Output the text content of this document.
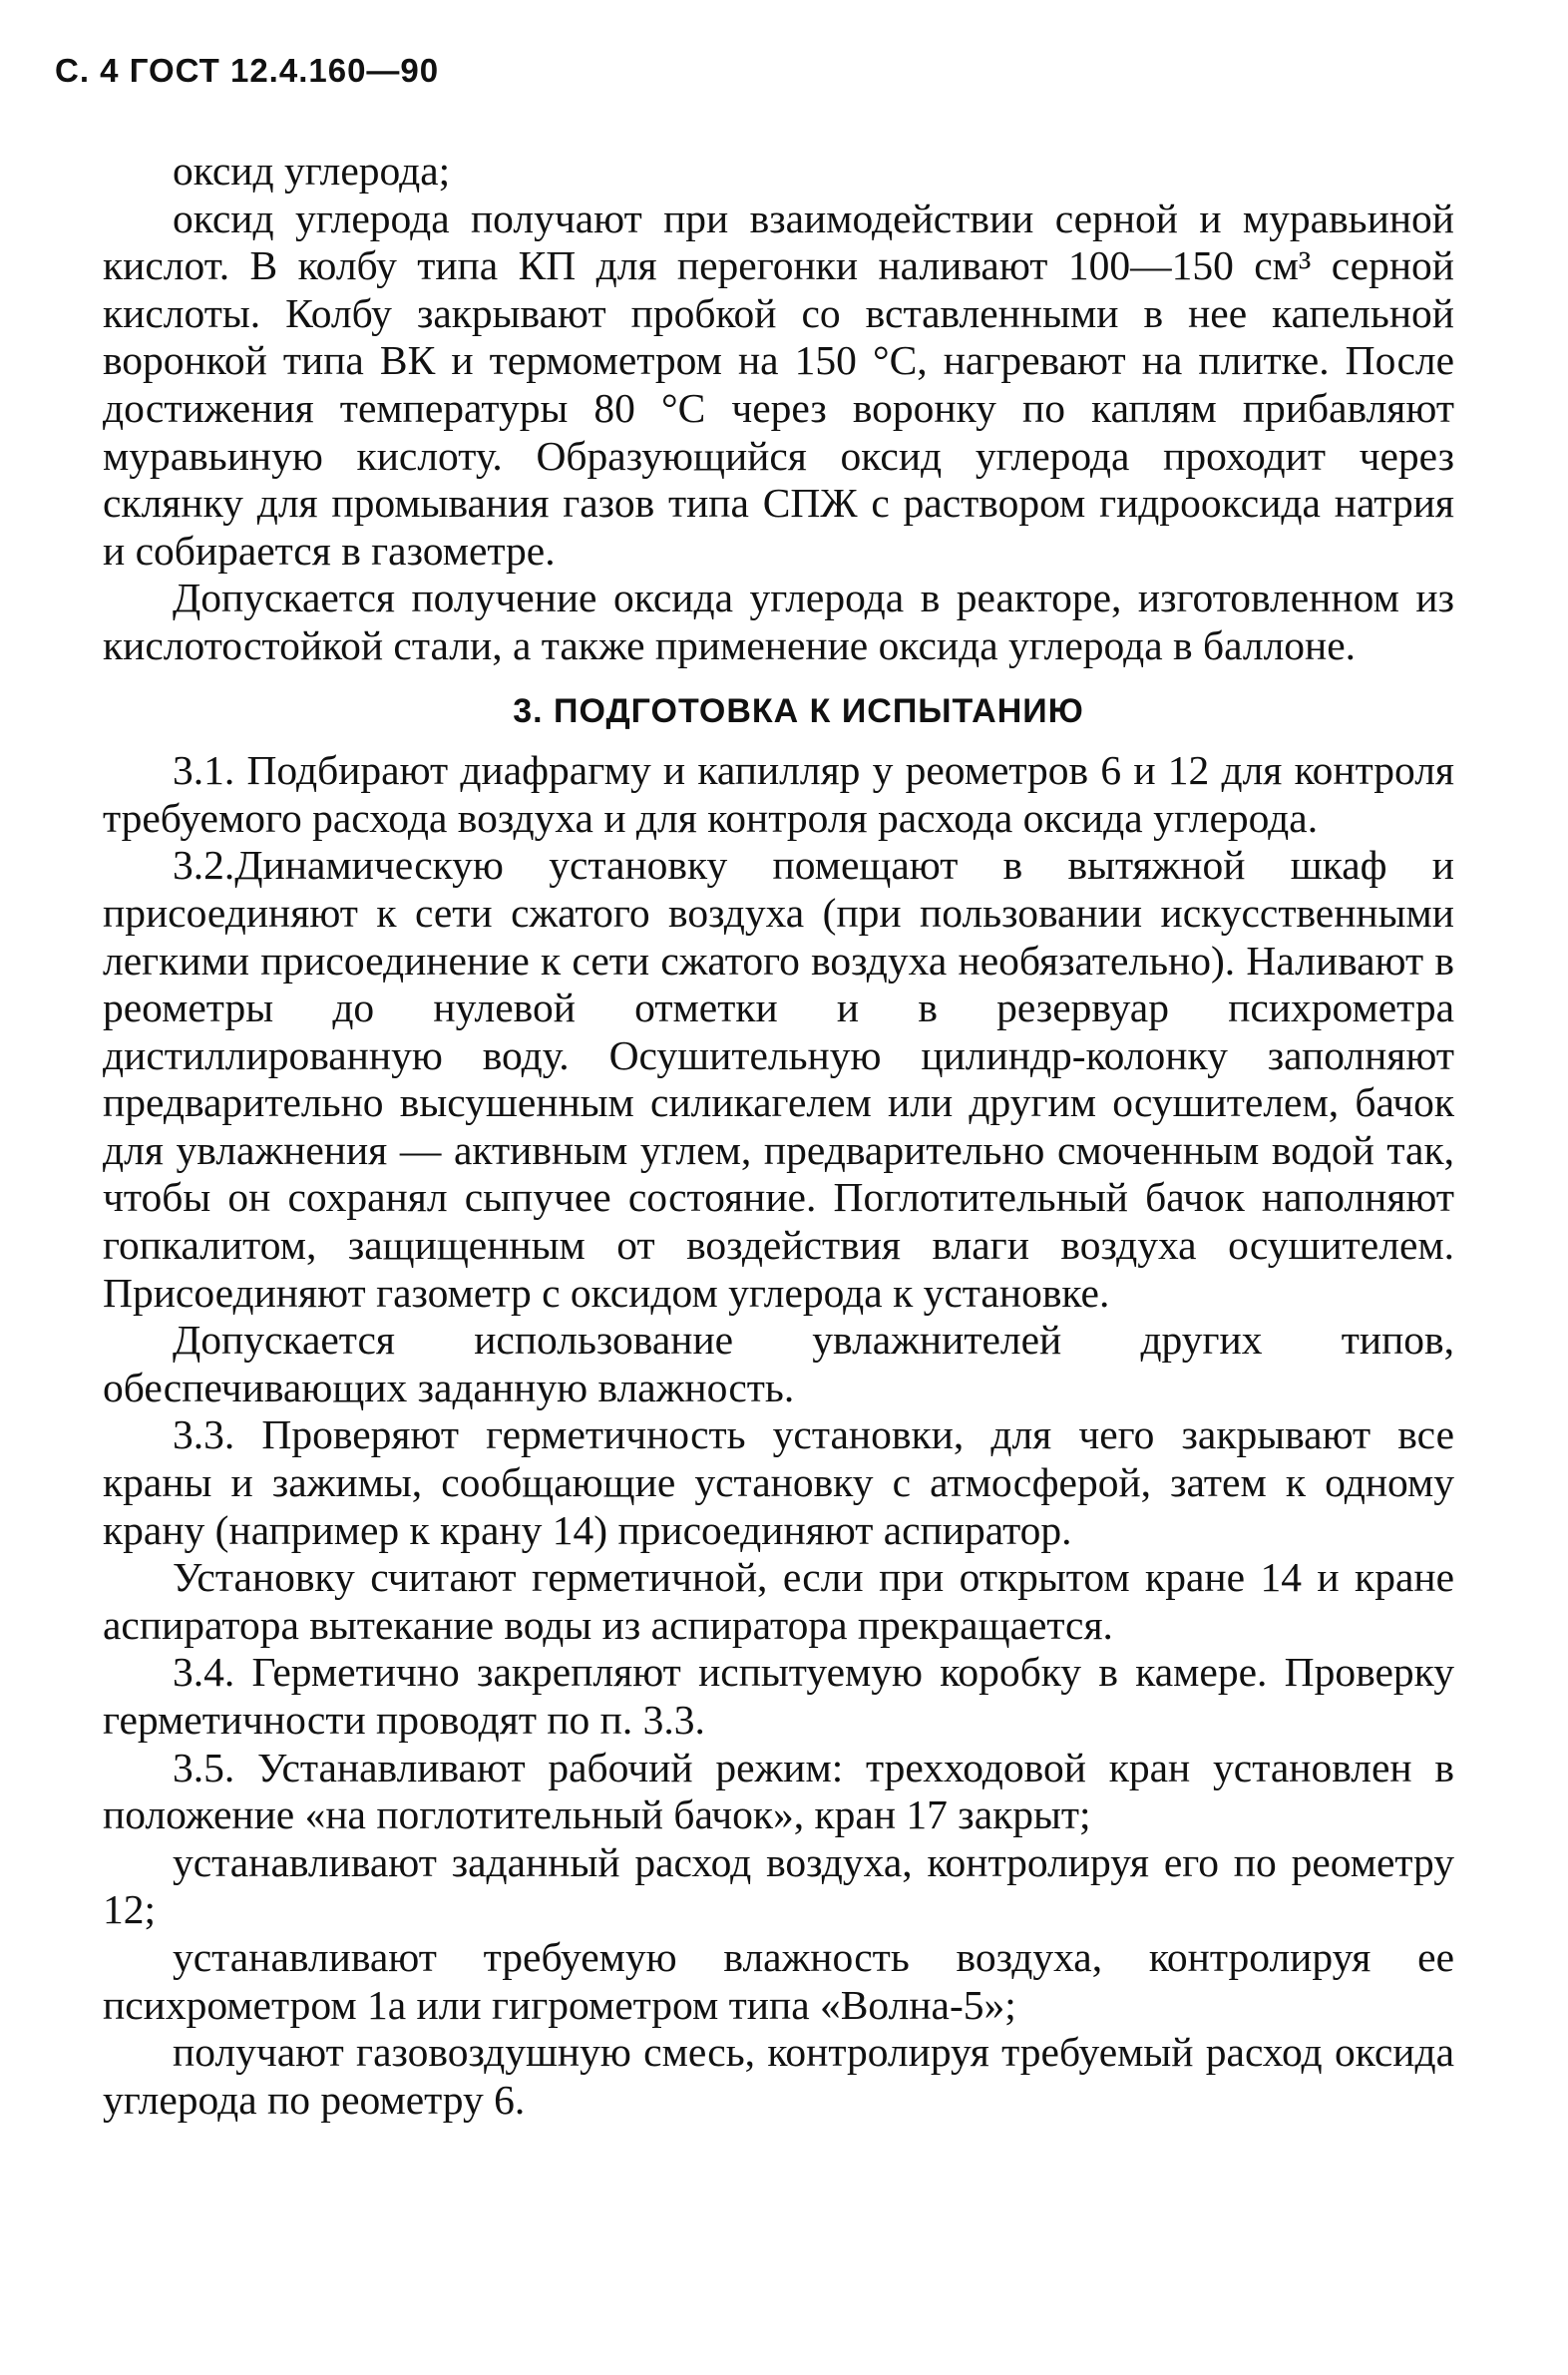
С. 4 ГОСТ 12.4.160—90
оксид углерода;
оксид углерода получают при взаимодействии серной и муравьиной кислот. В колбу типа КП для перегонки наливают 100—150 см³ серной кислоты. Колбу закрывают пробкой со вставленными в нее капельной воронкой типа ВК и термометром на 150 °С, нагревают на плитке. После достижения температуры 80 °С через воронку по каплям прибавляют муравьиную кислоту. Образующийся оксид углерода проходит через склянку для промывания газов типа СПЖ с раствором гидрооксида натрия и собирается в газометре.
Допускается получение оксида углерода в реакторе, изготовленном из кислотостойкой стали, а также применение оксида углерода в баллоне.
3. ПОДГОТОВКА К ИСПЫТАНИЮ
3.1. Подбирают диафрагму и капилляр у реометров 6 и 12 для контроля требуемого расхода воздуха и для контроля расхода оксида углерода.
3.2.Динамическую установку помещают в вытяжной шкаф и присоединяют к сети сжатого воздуха (при пользовании искусственными легкими присоединение к сети сжатого воздуха необязательно). Наливают в реометры до нулевой отметки и в резервуар психрометра дистиллированную воду. Осушительную цилиндр-колонку заполняют предварительно высушенным силикагелем или другим осушителем, бачок для увлажнения — активным углем, предварительно смоченным водой так, чтобы он сохранял сыпучее состояние. Поглотительный бачок наполняют гопкалитом, защищенным от воздействия влаги воздуха осушителем. Присоединяют газометр с оксидом углерода к установке.
Допускается использование увлажнителей других типов, обеспечивающих заданную влажность.
3.3. Проверяют герметичность установки, для чего закрывают все краны и зажимы, сообщающие установку с атмосферой, затем к одному крану (например к крану 14) присоединяют аспиратор.
Установку считают герметичной, если при открытом кране 14 и кране аспиратора вытекание воды из аспиратора прекращается.
3.4. Герметично закрепляют испытуемую коробку в камере. Проверку герметичности проводят по п. 3.3.
3.5. Устанавливают рабочий режим: трехходовой кран установлен в положение «на поглотительный бачок», кран 17 закрыт;
устанавливают заданный расход воздуха, контролируя его по реометру 12;
устанавливают требуемую влажность воздуха, контролируя ее психрометром 1а или гигрометром типа «Волна-5»;
получают газовоздушную смесь, контролируя требуемый расход оксида углерода по реометру 6.
